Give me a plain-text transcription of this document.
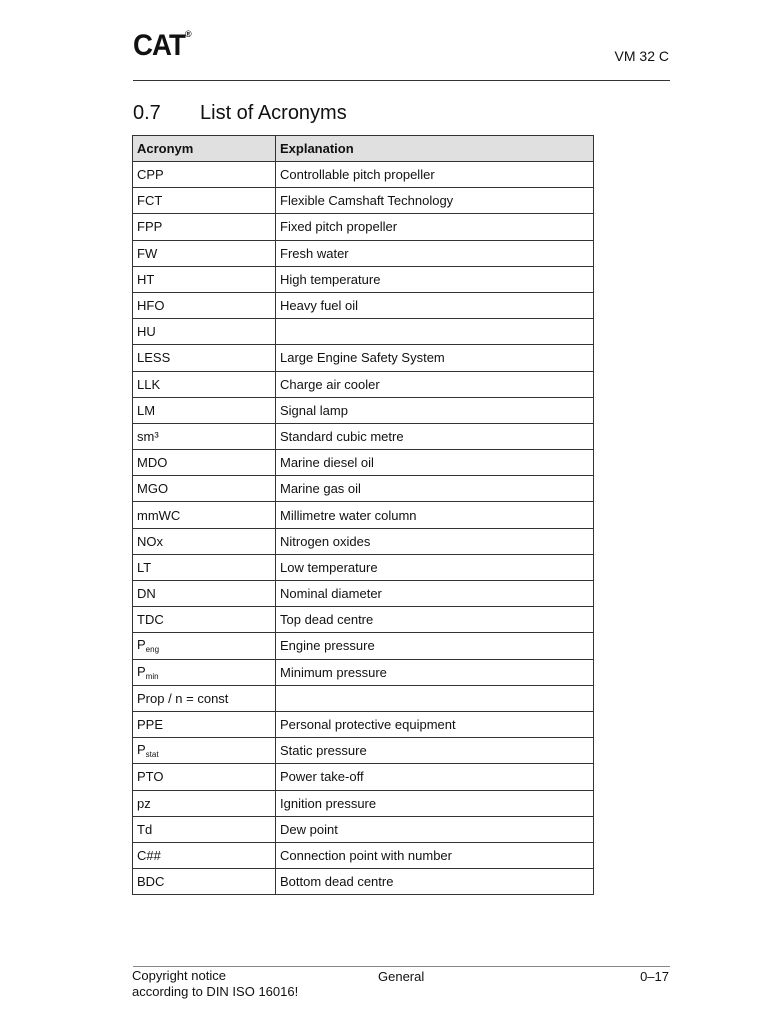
CAT ®
VM 32 C
0.7 List of Acronyms
Acronym	Explanation
CPP	Controllable pitch propeller
FCT	Flexible Camshaft Technology
FPP	Fixed pitch propeller
FW	Fresh water
HT	High temperature
HFO	Heavy fuel oil
HU	
LESS	Large Engine Safety System
LLK	Charge air cooler
LM	Signal lamp
sm³	Standard cubic metre
MDO	Marine diesel oil
MGO	Marine gas oil
mmWC	Millimetre water column
NOx	Nitrogen oxides
LT	Low temperature
DN	Nominal diameter
TDC	Top dead centre
$P_{eng}$	Engine pressure
$P_{min}$	Minimum pressure
Prop / n = const	
PPE	Personal protective equipment
$P_{stat}$	Static pressure
PTO	Power take-off
pz	Ignition pressure
Td	Dew point
C##	Connection point with number
BDC	Bottom dead centre
Copyright notice
according to DIN ISO 16016!
General	0–17
